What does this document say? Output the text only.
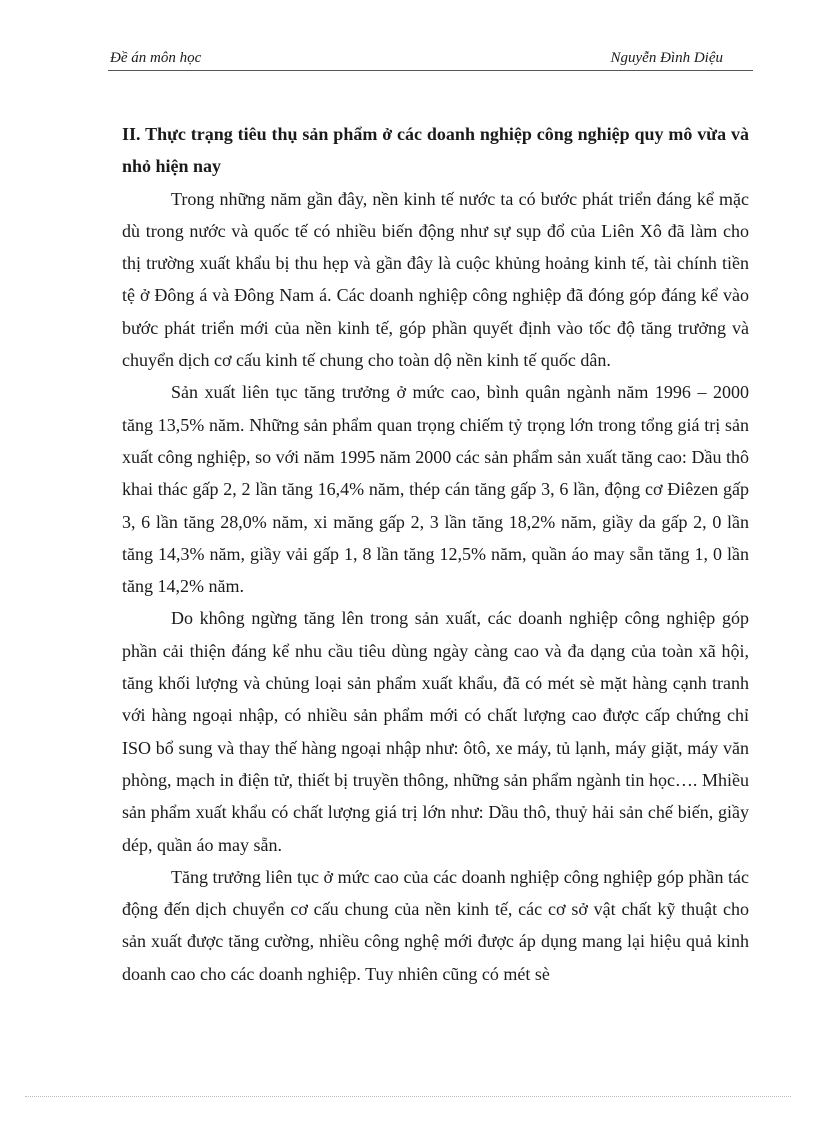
Đề án môn học	Nguyễn Đình Diệu

II. Thực trạng tiêu thụ sản phẩm ở các doanh nghiệp công nghiệp quy mô vừa và nhỏ hiện nay

Trong những năm gần đây, nền kinh tế nước ta có bước phát triển đáng kể mặc dù trong nước và quốc tế có nhiều biến động như sự sụp đổ của Liên Xô đã làm cho thị trường xuất khẩu bị thu hẹp và gần đây là cuộc khủng hoảng kinh tế, tài chính tiền tệ ở Đông á và Đông Nam á. Các doanh nghiệp công nghiệp đã đóng góp đáng kể vào bước phát triển mới của nền kinh tế, góp phần quyết định vào tốc độ tăng trưởng và chuyển dịch cơ cấu kinh tế chung cho toàn dộ nền kinh tế quốc dân.

Sản xuất liên tục tăng trưởng ở mức cao, bình quân ngành năm 1996 – 2000 tăng 13,5% năm. Những sản phẩm quan trọng chiếm tỷ trọng lớn trong tổng giá trị sản xuất công nghiệp, so với năm 1995 năm 2000 các sản phẩm sản xuất tăng cao: Dầu thô khai thác gấp 2, 2 lần tăng 16,4% năm, thép cán tăng gấp 3, 6 lần, động cơ Điêzen gấp 3, 6 lần tăng 28,0% năm, xi măng gấp 2, 3 lần tăng 18,2% năm, giầy da gấp 2, 0 lần tăng 14,3% năm, giầy vải gấp 1, 8 lần tăng 12,5% năm, quần áo may sẵn tăng 1, 0 lần tăng 14,2% năm.

Do không ngừng tăng lên trong sản xuất, các doanh nghiệp công nghiệp góp phần cải thiện đáng kể nhu cầu tiêu dùng ngày càng cao và đa dạng của toàn xã hội, tăng khối lượng và chủng loại sản phẩm xuất khẩu, đã có mét sè mặt hàng cạnh tranh với hàng ngoại nhập, có nhiều sản phẩm mới có chất lượng cao được cấp chứng chỉ ISO bổ sung và thay thế hàng ngoại nhập như: ôtô, xe máy, tủ lạnh, máy giặt, máy văn phòng, mạch in điện tử, thiết bị truyền thông, những sản phẩm ngành tin học…. Mhiều sản phẩm xuất khẩu có chất lượng giá trị lớn như: Dầu thô, thuỷ hải sản chế biến, giầy dép, quần áo may sẵn.

Tăng trưởng liên tục ở mức cao của các doanh nghiệp công nghiệp góp phần tác động đến dịch chuyển cơ cấu chung của nền kinh tế, các cơ sở vật chất kỹ thuật cho sản xuất được tăng cường, nhiều công nghệ mới được áp dụng mang lại hiệu quả kinh doanh cao cho các doanh nghiệp. Tuy nhiên cũng có mét sè
